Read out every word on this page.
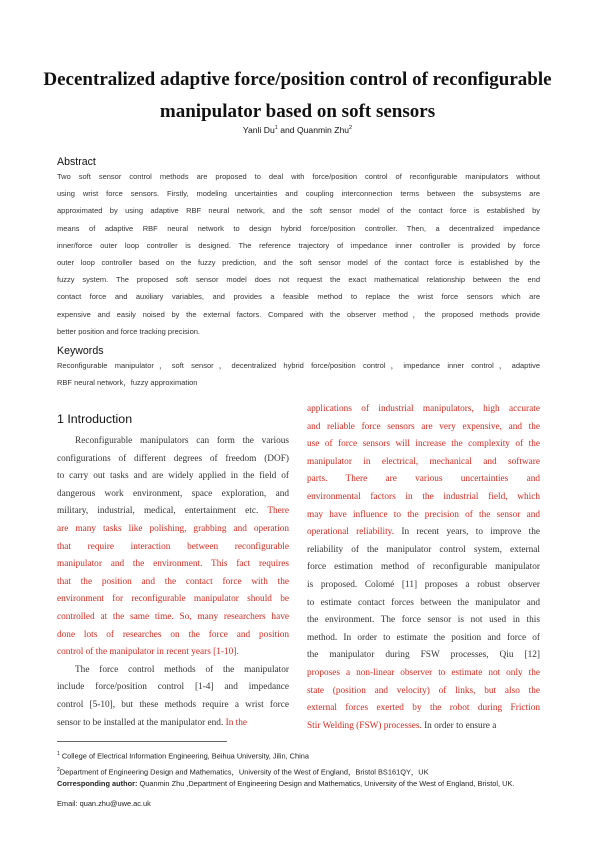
Decentralized adaptive force/position control of reconfigurable
manipulator based on soft sensors
Yanli Du$^1$ and Quanmin Zhu$^2$
Abstract
Two soft sensor control methods are proposed to deal with force/position control of reconfigurable manipulators without
using wrist force sensors. Firstly, modeling uncertainties and coupling interconnection terms between the subsystems are
approximated by using adaptive RBF neural network, and the soft sensor model of the contact force is established by
means of adaptive RBF neural network to design hybrid force/position controller. Then, a decentralized impedance
inner/force outer loop controller is designed. The reference trajectory of impedance inner controller is provided by force
outer loop controller based on the fuzzy prediction, and the soft sensor model of the contact force is established by the
fuzzy system. The proposed soft sensor model does not request the exact mathematical relationship between the end
contact force and auxiliary variables, and provides a feasible method to replace the wrist force sensors which are
expensive and easily noised by the external factors. Compared with the observer method，the proposed methods provide
better position and force tracking precision.
Keywords
Reconfigurable manipulator，soft sensor，decentralized hybrid force/position control，impedance inner control，adaptive
RBF neural network，fuzzy approximation
1 Introduction
Reconfigurable manipulators can form the various
configurations of different degrees of freedom (DOF)
to carry out tasks and are widely applied in the field of
dangerous work environment, space exploration, and
military, industrial, medical, entertainment etc. There
are many tasks like polishing, grabbing and operation
that require interaction between reconfigurable
manipulator and the environment. This fact requires
that the position and the contact force with the
environment for reconfigurable manipulator should be
controlled at the same time. So, many researchers have
done lots of researches on the force and position
control of the manipulator in recent years [1-10].
The force control methods of the manipulator
include force/position control [1-4] and impedance
control [5-10], but these methods require a wrist force
sensor to be installed at the manipulator end. In the
applications of industrial manipulators, high accurate
and reliable force sensors are very expensive, and the
use of force sensors will increase the complexity of the
manipulator in electrical, mechanical and software
parts. There are various uncertainties and
environmental factors in the industrial field, which
may have influence to the precision of the sensor and
operational reliability. In recent years, to improve the
reliability of the manipulator control system, external
force estimation method of reconfigurable manipulator
is proposed. Colomé [11] proposes a robust observer
to estimate contact forces between the manipulator and
the environment. The force sensor is not used in this
method. In order to estimate the position and force of
the manipulator during FSW processes, Qiu [12]
proposes a non-linear observer to estimate not only the
state (position and velocity) of links, but also the
external forces exerted by the robot during Friction
Stir Welding (FSW) processes. In order to ensure a
$^1$ College of Electrical Information Engineering, Beihua University, Jilin, China
$^2$Department of Engineering Design and Mathematics，University of the West of England，Bristol BS161QY，UK
Corresponding author: Quanmin Zhu ,Department of Engineering Design and Mathematics, University of the West of England, Bristol, UK.
Email: quan.zhu@uwe.ac.uk
